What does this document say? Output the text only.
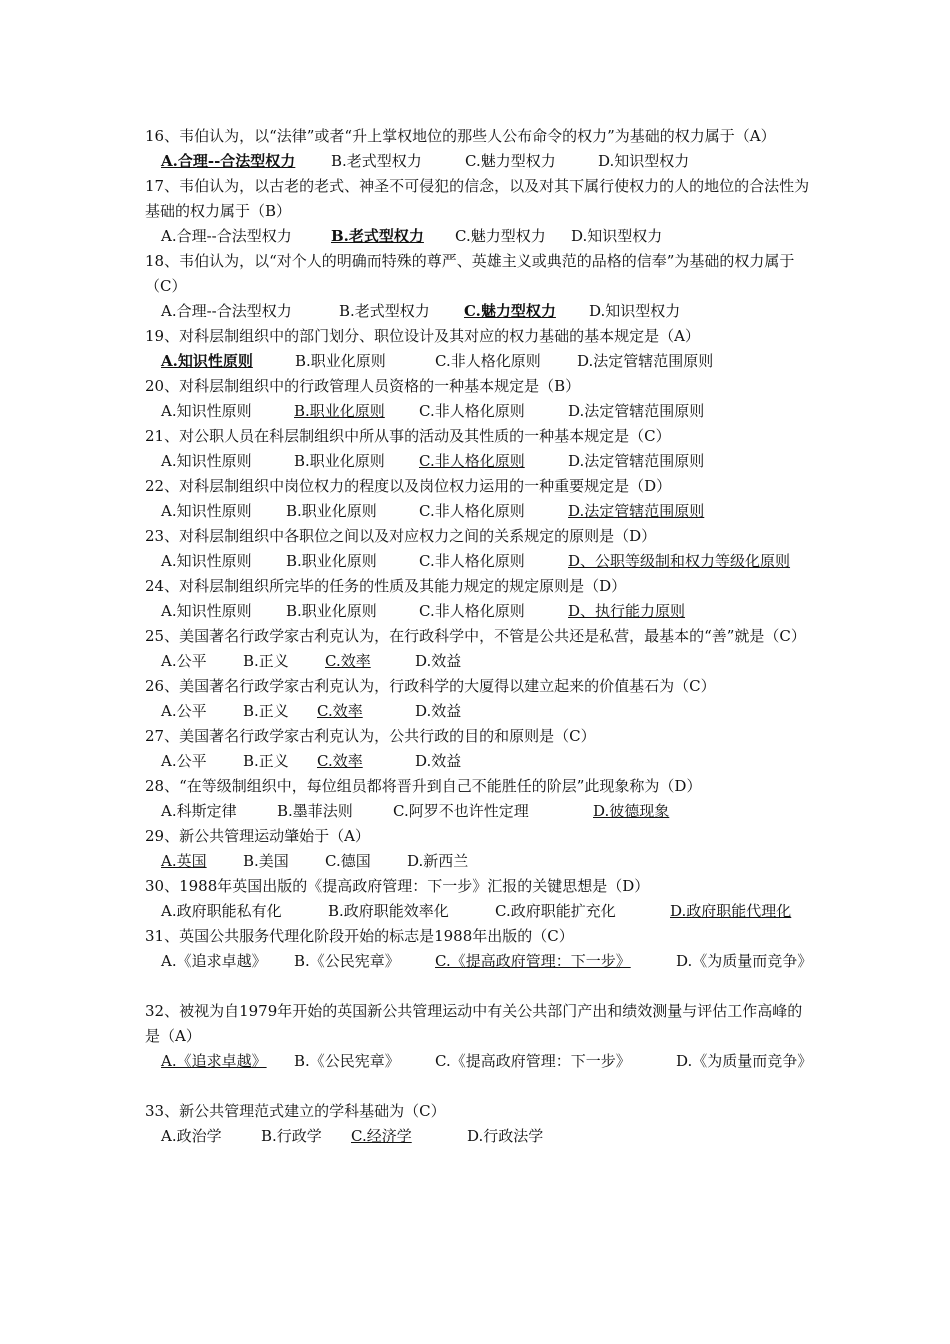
16、韦伯认为，以“法律”或者“升上掌权地位的那些人公布命令的权力”为基础的权力属于（A）
A.合理--合法型权力	B.老式型权力	C.魅力型权力	D.知识型权力
17、韦伯认为，以古老的老式、神圣不可侵犯的信念，以及对其下属行使权力的人的地位的合法性为基础的权力属于（B）
A.合理--合法型权力	B.老式型权力	C.魅力型权力	D.知识型权力
18、韦伯认为，以“对个人的明确而特殊的尊严、英雄主义或典范的品格的信奉”为基础的权力属于（C）
A.合理--合法型权力	B.老式型权力	C.魅力型权力	D.知识型权力
19、对科层制组织中的部门划分、职位设计及其对应的权力基础的基本规定是（A）
A.知识性原则	B.职业化原则	C.非人格化原则	D.法定管辖范围原则
20、对科层制组织中的行政管理人员资格的一种基本规定是（B）
A.知识性原则	B.职业化原则	C.非人格化原则	D.法定管辖范围原则
21、对公职人员在科层制组织中所从事的活动及其性质的一种基本规定是（C）
A.知识性原则	B.职业化原则	C.非人格化原则	D.法定管辖范围原则
22、对科层制组织中岗位权力的程度以及岗位权力运用的一种重要规定是（D）
A.知识性原则	B.职业化原则	C.非人格化原则	D.法定管辖范围原则
23、对科层制组织中各职位之间以及对应权力之间的关系规定的原则是（D）
A.知识性原则	B.职业化原则	C.非人格化原则	D、公职等级制和权力等级化原则
24、对科层制组织所完毕的任务的性质及其能力规定的规定原则是（D）
A.知识性原则	B.职业化原则	C.非人格化原则	D、执行能力原则
25、美国著名行政学家古利克认为，在行政科学中，不管是公共还是私营，最基本的“善”就是（C）
A.公平	B.正义	C.效率	D.效益
26、美国著名行政学家古利克认为，行政科学的大厦得以建立起来的价值基石为（C）
A.公平	B.正义	C.效率	D.效益
27、美国著名行政学家古利克认为，公共行政的目的和原则是（C）
A.公平	B.正义	C.效率	D.效益
28、“在等级制组织中，每位组员都将晋升到自己不能胜任的阶层”此现象称为（D）
A.科斯定律	B.墨菲法则	C.阿罗不也许性定理	D.彼德现象
29、新公共管理运动肇始于（A）
A.英国	B.美国	C.德国	D.新西兰
30、1988年英国出版的《提高政府管理：下一步》汇报的关键思想是（D）
A.政府职能私有化	B.政府职能效率化	C.政府职能扩充化	D.政府职能代理化
31、英国公共服务代理化阶段开始的标志是1988年出版的（C）
A.《追求卓越》	B.《公民宪章》	C.《提高政府管理：下一步》	D.《为质量而竞争》
32、被视为自1979年开始的英国新公共管理运动中有关公共部门产出和绩效测量与评估工作高峰的是（A）
A.《追求卓越》	B.《公民宪章》	C.《提高政府管理：下一步》	D.《为质量而竞争》
33、新公共管理范式建立的学科基础为（C）
A.政治学	B.行政学	C.经济学	D.行政法学
